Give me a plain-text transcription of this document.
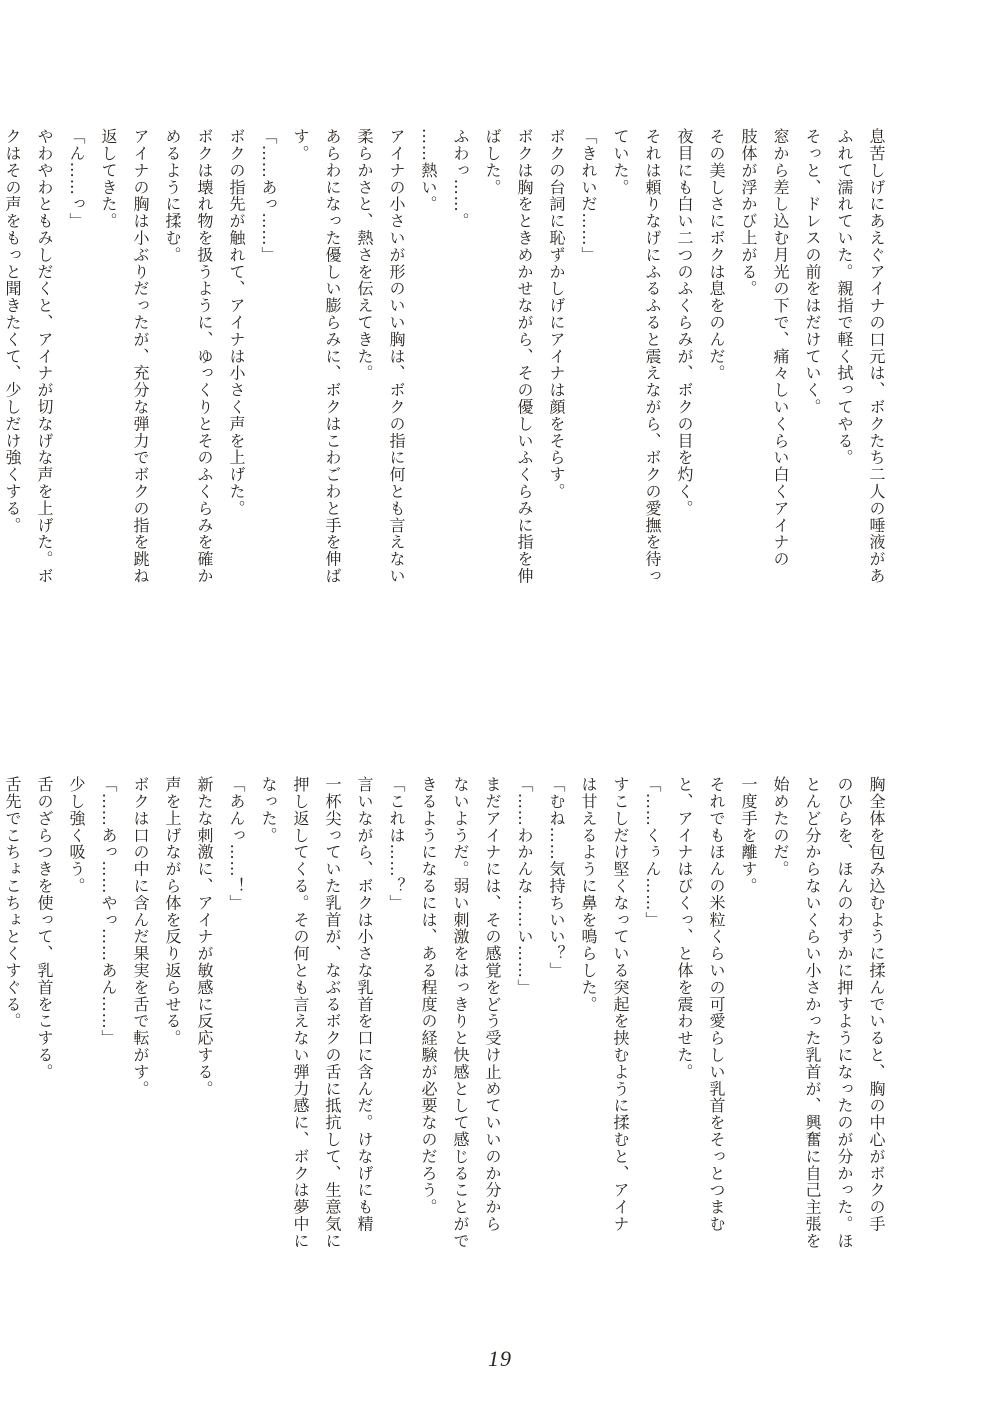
息苦しげにあえぐアイナの口元は、ボクたち二人の唾液があ
ふれて濡れていた。親指で軽く拭ってやる。
そっと、ドレスの前をはだけていく。
窓から差し込む月光の下で、痛々しいくらい白くアイナの
肢体が浮かび上がる。
その美しさにボクは息をのんだ。
夜目にも白い二つのふくらみが、ボクの目を灼く。
それは頼りなげにふるふると震えながら、ボクの愛撫を待っ
ていた。
「きれいだ……」
ボクの台詞に恥ずかしげにアイナは顔をそらす。
ボクは胸をときめかせながら、その優しいふくらみに指を伸
ばした。
ふわっ……。
……熱い。
アイナの小さいが形のいい胸は、ボクの指に何とも言えない
柔らかさと、熱さを伝えてきた。
あらわになった優しい膨らみに、ボクはこわごわと手を伸ば
す。
「……あっ……」
ボクの指先が触れて、アイナは小さく声を上げた。
ボクは壊れ物を扱うように、ゆっくりとそのふくらみを確か
めるように揉む。
アイナの胸は小ぶりだったが、充分な弾力でボクの指を跳ね
返してきた。
「ん……っ」
やわやわともみしだくと、アイナが切なげな声を上げた。ボ
クはその声をもっと聞きたくて、少しだけ強くする。
胸全体を包み込むように揉んでいると、胸の中心がボクの手
のひらを、ほんのわずかに押すようになったのが分かった。ほ
とんど分からないくらい小さかった乳首が、興奮に自己主張を
始めたのだ。
一度手を離す。
それでもほんの米粒くらいの可愛らしい乳首をそっとつまむ
と、アイナはびくっ、と体を震わせた。
「……くぅん……」
すこしだけ堅くなっている突起を挟むように揉むと、アイナ
は甘えるように鼻を鳴らした。
「むね……気持ちいい？」
「……わかんな……い……」
まだアイナには、その感覚をどう受け止めていいのか分から
ないようだ。弱い刺激をはっきりと快感として感じることがで
きるようになるには、ある程度の経験が必要なのだろう。
「これは……？」
言いながら、ボクは小さな乳首を口に含んだ。けなげにも精
一杯尖っていた乳首が、なぶるボクの舌に抵抗して、生意気に
押し返してくる。その何とも言えない弾力感に、ボクは夢中に
なった。
「あんっ……！」
新たな刺激に、アイナが敏感に反応する。
声を上げながら体を反り返らせる。
ボクは口の中に含んだ果実を舌で転がす。
「……あっ……やっ……あん……」
少し強く吸う。
舌のざらつきを使って、乳首をこする。
舌先でこちょこちょとくすぐる。
19
